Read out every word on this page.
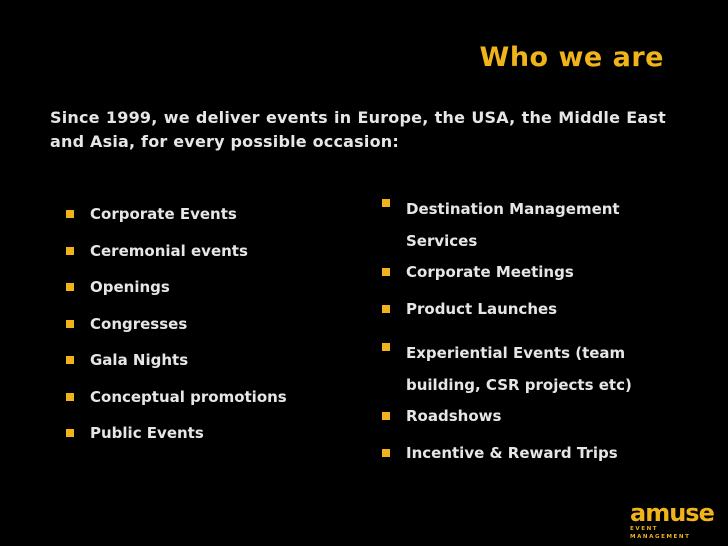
Who we are
Since 1999, we deliver events in Europe, the USA, the Middle East and Asia, for every possible occasion:
Corporate Events
Ceremonial events
Openings
Congresses
Gala Nights
Conceptual promotions
Public Events
Destination Management Services
Corporate Meetings
Product Launches
Experiential Events (team building, CSR projects etc)
Roadshows
Incentive & Reward Trips
amuse
EVENT MANAGEMENT
